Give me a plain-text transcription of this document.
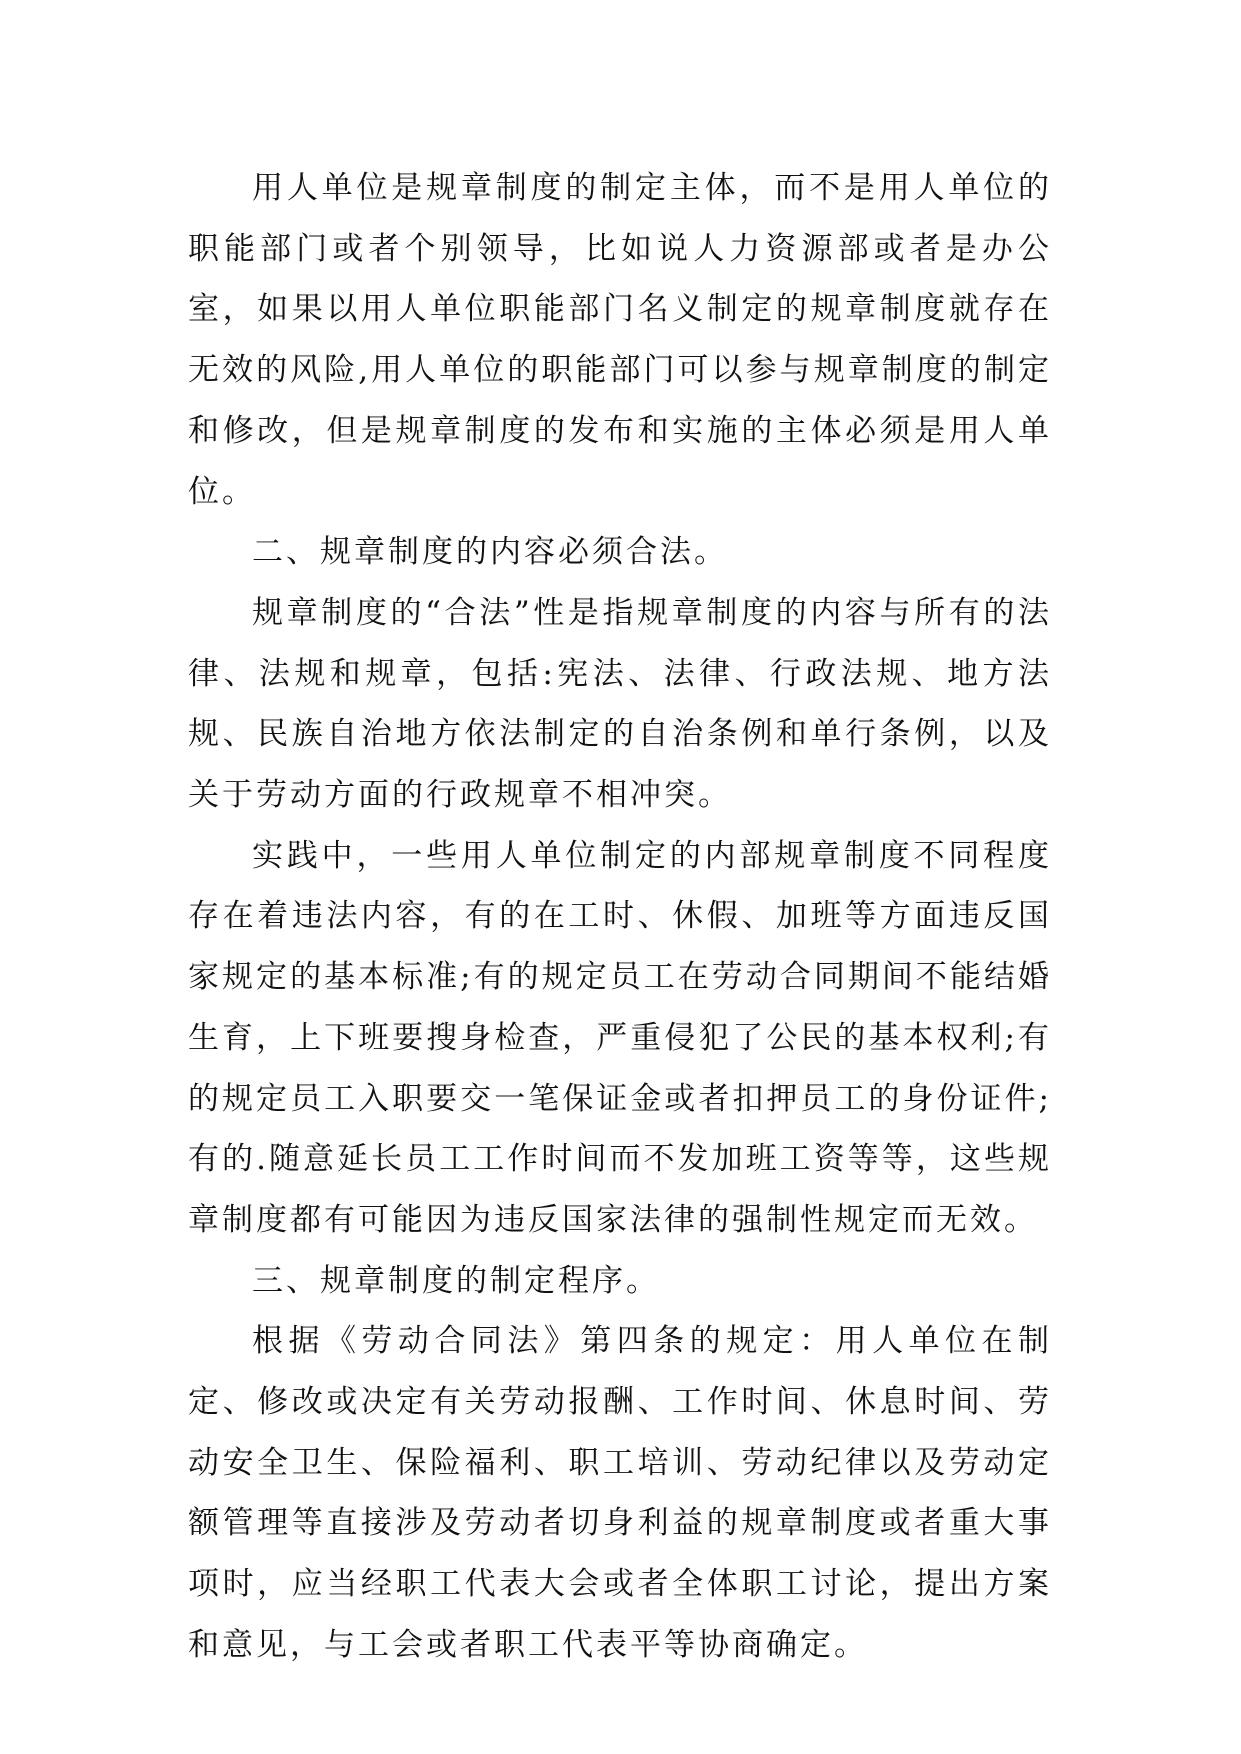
用人单位是规章制度的制定主体，而不是用人单位的职能部门或者个别领导，比如说人力资源部或者是办公室，如果以用人单位职能部门名义制定的规章制度就存在无效的风险,用人单位的职能部门可以参与规章制度的制定和修改，但是规章制度的发布和实施的主体必须是用人单位。

二、规章制度的内容必须合法。

规章制度的“合法”性是指规章制度的内容与所有的法律、法规和规章，包括:宪法、法律、行政法规、地方法规、民族自治地方依法制定的自治条例和单行条例，以及关于劳动方面的行政规章不相冲突。

实践中，一些用人单位制定的内部规章制度不同程度存在着违法内容，有的在工时、休假、加班等方面违反国家规定的基本标准;有的规定员工在劳动合同期间不能结婚生育，上下班要搜身检查，严重侵犯了公民的基本权利;有的规定员工入职要交一笔保证金或者扣押员工的身份证件;有的.随意延长员工工作时间而不发加班工资等等，这些规章制度都有可能因为违反国家法律的强制性规定而无效。

三、规章制度的制定程序。

根据《劳动合同法》第四条的规定：用人单位在制定、修改或决定有关劳动报酬、工作时间、休息时间、劳动安全卫生、保险福利、职工培训、劳动纪律以及劳动定额管理等直接涉及劳动者切身利益的规章制度或者重大事项时，应当经职工代表大会或者全体职工讨论，提出方案和意见，与工会或者职工代表平等协商确定。
